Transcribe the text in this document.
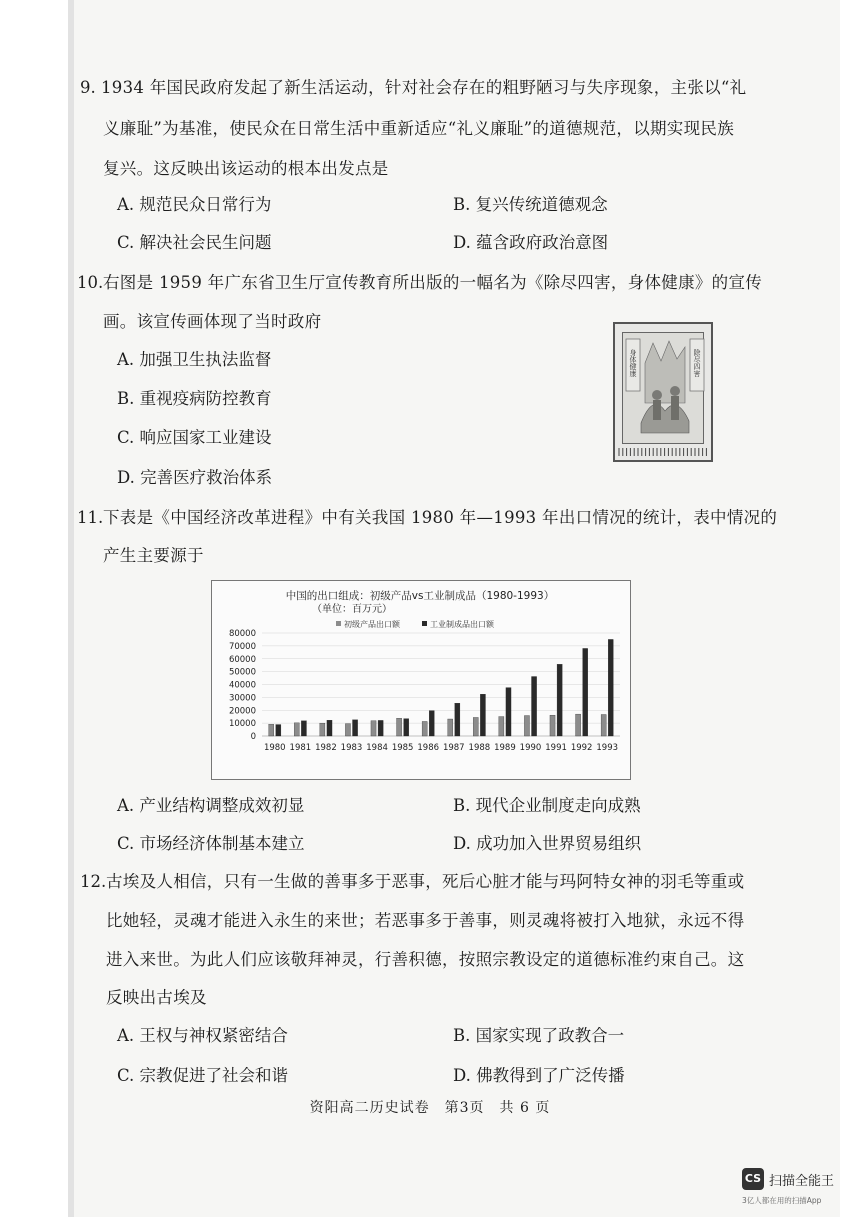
9. 1934 年国民政府发起了新生活运动，针对社会存在的粗野陋习与失序现象，主张以“礼
义廉耻”为基准，使民众在日常生活中重新适应“礼义廉耻”的道德规范，以期实现民族
复兴。这反映出该运动的根本出发点是
A. 规范民众日常行为	B. 复兴传统道德观念
C. 解决社会民生问题	D. 蕴含政府政治意图
10. 右图是 1959 年广东省卫生厅宣传教育所出版的一幅名为《除尽四害，身体健康》的宣传
画。该宣传画体现了当时政府
A. 加强卫生执法监督
B. 重视疫病防控教育
C. 响应国家工业建设
D. 完善医疗救治体系
除尽四害
身体健康
11. 下表是《中国经济改革进程》中有关我国 1980 年—1993 年出口情况的统计，表中情况的
产生主要源于
中国的出口组成：初级产品vs工业制成品（1980-1993）
（单位：百万元）
初级产品出口额	工业制成品出口额
80000
70000
60000
50000
40000
30000
20000
10000
0
1980 1981 1982 1983 1984 1985 1986 1987 1988 1989 1990 1991 1992 1993
A. 产业结构调整成效初显	B. 现代企业制度走向成熟
C. 市场经济体制基本建立	D. 成功加入世界贸易组织
12. 古埃及人相信，只有一生做的善事多于恶事，死后心脏才能与玛阿特女神的羽毛等重或
比她轻，灵魂才能进入永生的来世；若恶事多于善事，则灵魂将被打入地狱，永远不得
进入来世。为此人们应该敬拜神灵，行善积德，按照宗教设定的道德标准约束自己。这
反映出古埃及
A. 王权与神权紧密结合	B. 国家实现了政教合一
C. 宗教促进了社会和谐	D. 佛教得到了广泛传播
资阳高二历史试卷　第3页　共 6 页
CS 扫描全能王
3亿人都在用的扫描App
